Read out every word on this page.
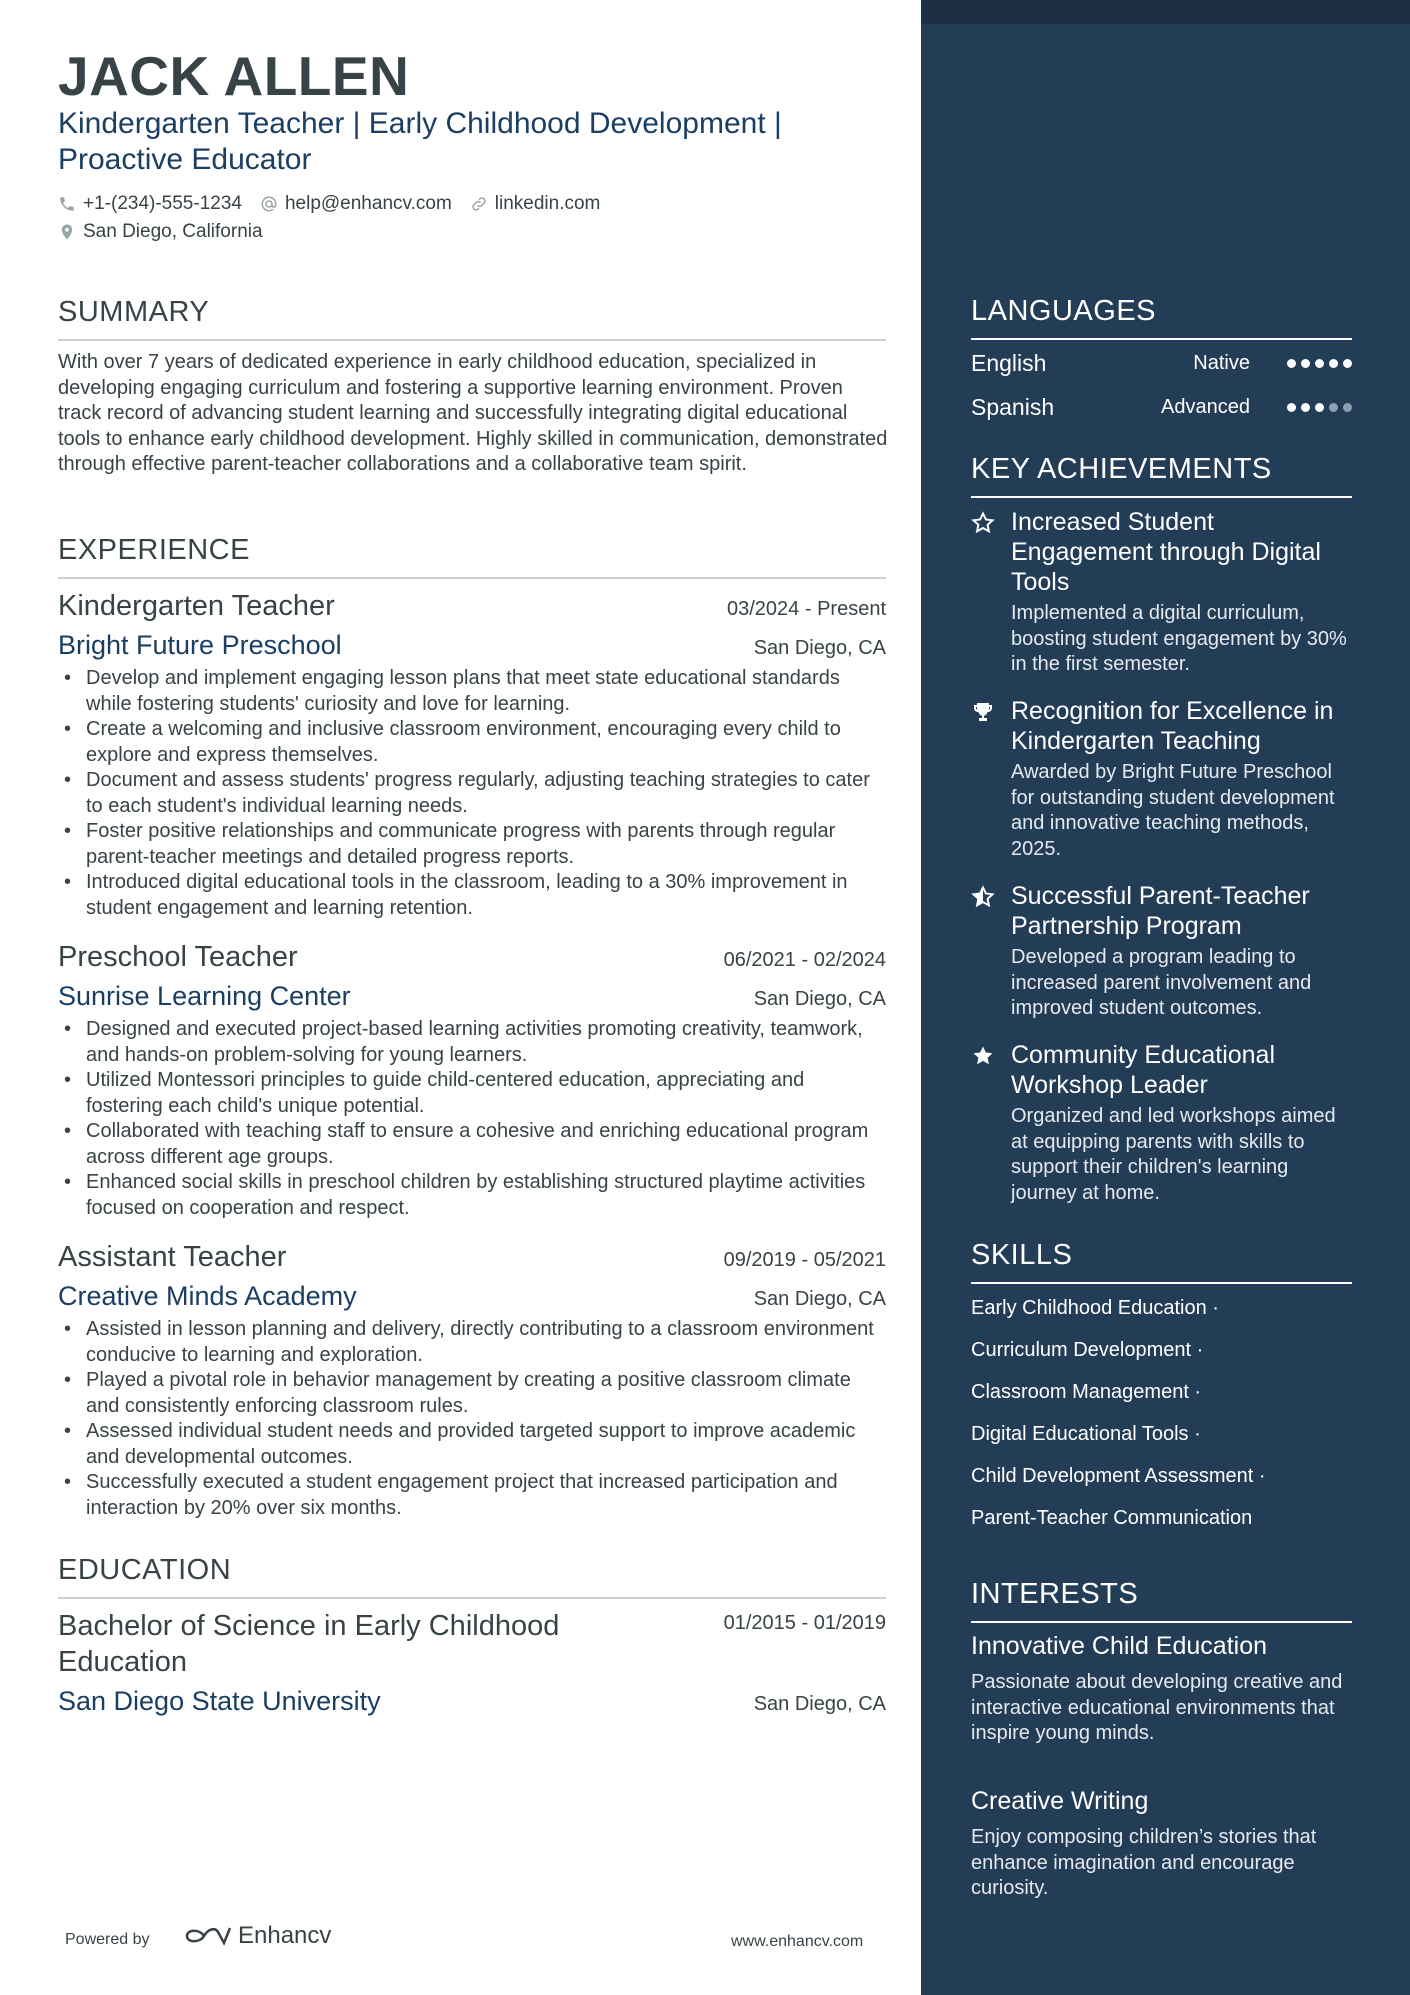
JACK ALLEN
Kindergarten Teacher | Early Childhood Development | Proactive Educator
+1-(234)-555-1234 help@enhancv.com linkedin.com
San Diego, California
SUMMARY
With over 7 years of dedicated experience in early childhood education, specialized in developing engaging curriculum and fostering a supportive learning environment. Proven track record of advancing student learning and successfully integrating digital educational tools to enhance early childhood development. Highly skilled in communication, demonstrated through effective parent-teacher collaborations and a collaborative team spirit.
EXPERIENCE
Kindergarten Teacher	03/2024 - Present
Bright Future Preschool	San Diego, CA
• Develop and implement engaging lesson plans that meet state educational standards while fostering students' curiosity and love for learning.
• Create a welcoming and inclusive classroom environment, encouraging every child to explore and express themselves.
• Document and assess students' progress regularly, adjusting teaching strategies to cater to each student's individual learning needs.
• Foster positive relationships and communicate progress with parents through regular parent-teacher meetings and detailed progress reports.
• Introduced digital educational tools in the classroom, leading to a 30% improvement in student engagement and learning retention.
Preschool Teacher	06/2021 - 02/2024
Sunrise Learning Center	San Diego, CA
• Designed and executed project-based learning activities promoting creativity, teamwork, and hands-on problem-solving for young learners.
• Utilized Montessori principles to guide child-centered education, appreciating and fostering each child's unique potential.
• Collaborated with teaching staff to ensure a cohesive and enriching educational program across different age groups.
• Enhanced social skills in preschool children by establishing structured playtime activities focused on cooperation and respect.
Assistant Teacher	09/2019 - 05/2021
Creative Minds Academy	San Diego, CA
• Assisted in lesson planning and delivery, directly contributing to a classroom environment conducive to learning and exploration.
• Played a pivotal role in behavior management by creating a positive classroom climate and consistently enforcing classroom rules.
• Assessed individual student needs and provided targeted support to improve academic and developmental outcomes.
• Successfully executed a student engagement project that increased participation and interaction by 20% over six months.
EDUCATION
Bachelor of Science in Early Childhood Education
01/2015 - 01/2019
San Diego State University	San Diego, CA
Powered by	Enhancv	www.enhancv.com
LANGUAGES
English	Native
Spanish	Advanced
KEY ACHIEVEMENTS
Increased Student Engagement through Digital Tools
Implemented a digital curriculum, boosting student engagement by 30% in the first semester.
Recognition for Excellence in Kindergarten Teaching
Awarded by Bright Future Preschool for outstanding student development and innovative teaching methods, 2025.
Successful Parent-Teacher Partnership Program
Developed a program leading to increased parent involvement and improved student outcomes.
Community Educational Workshop Leader
Organized and led workshops aimed at equipping parents with skills to support their children's learning journey at home.
SKILLS
Early Childhood Education ·
Curriculum Development ·
Classroom Management ·
Digital Educational Tools ·
Child Development Assessment ·
Parent-Teacher Communication
INTERESTS
Innovative Child Education
Passionate about developing creative and interactive educational environments that inspire young minds.
Creative Writing
Enjoy composing children’s stories that enhance imagination and encourage curiosity.
